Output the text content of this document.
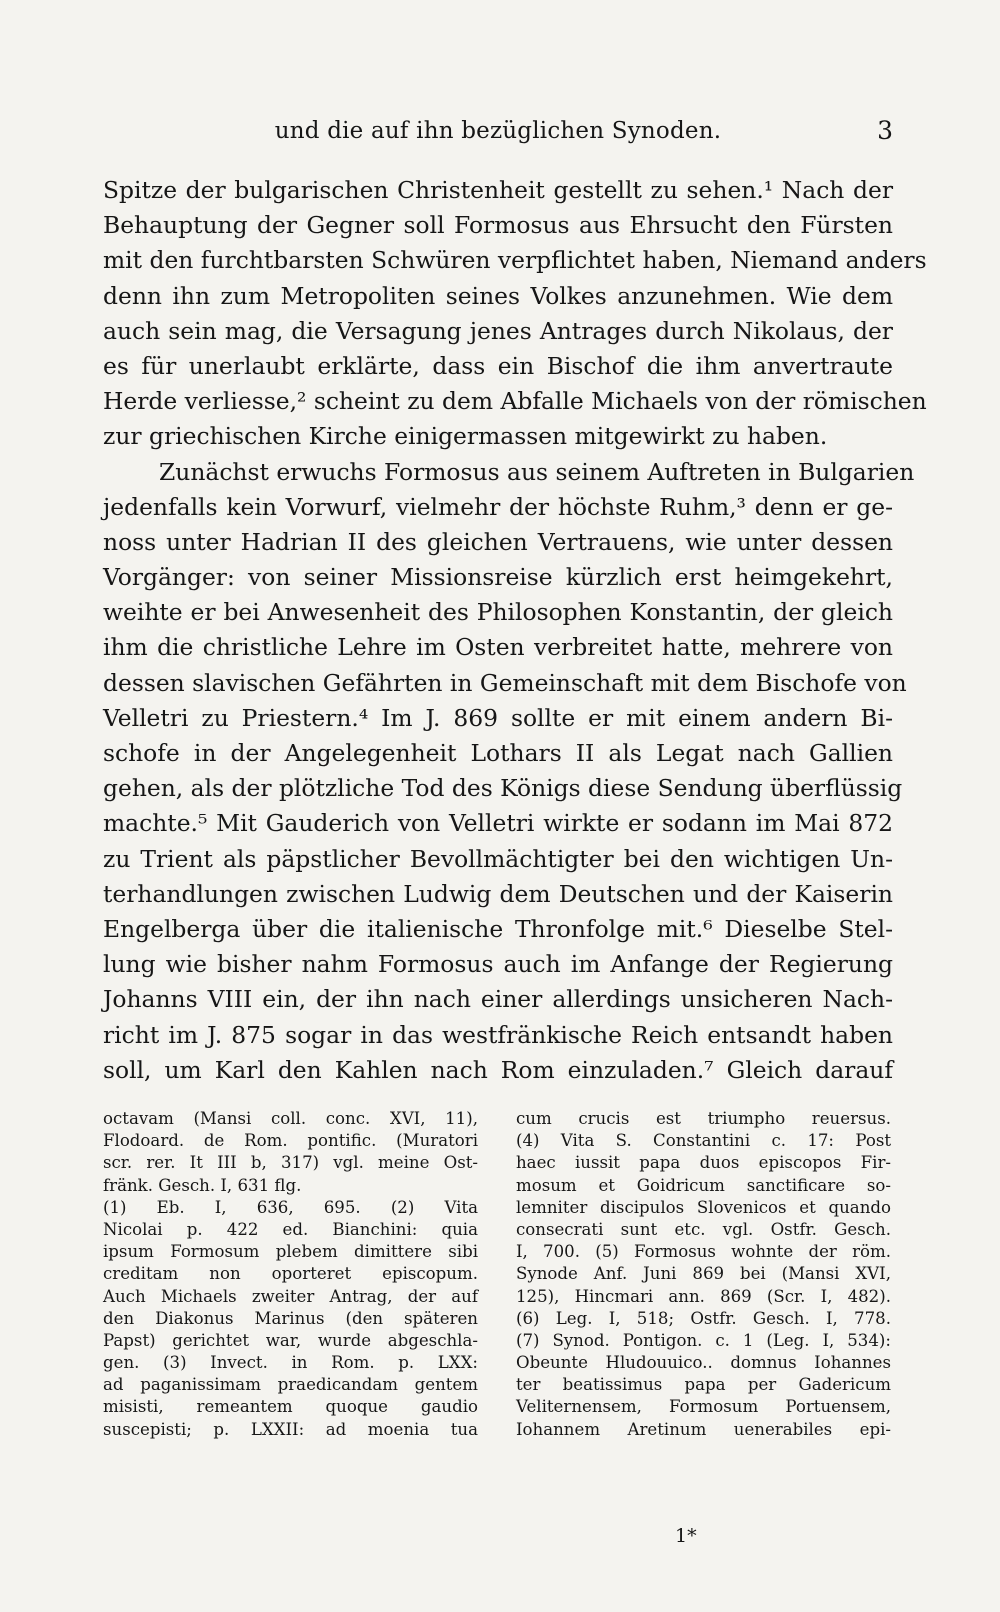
und die auf ihn bezüglichen Synoden.	3
Spitze der bulgarischen Christenheit gestellt zu sehen.¹ Nach der
Behauptung der Gegner soll Formosus aus Ehrsucht den Fürsten
mit den furchtbarsten Schwüren verpflichtet haben, Niemand anders
denn ihn zum Metropoliten seines Volkes anzunehmen. Wie dem
auch sein mag, die Versagung jenes Antrages durch Nikolaus, der
es für unerlaubt erklärte, dass ein Bischof die ihm anvertraute
Herde verliesse,² scheint zu dem Abfalle Michaels von der römischen
zur griechischen Kirche einigermassen mitgewirkt zu haben.
Zunächst erwuchs Formosus aus seinem Auftreten in Bulgarien
jedenfalls kein Vorwurf, vielmehr der höchste Ruhm,³ denn er ge-
noss unter Hadrian II des gleichen Vertrauens, wie unter dessen
Vorgänger: von seiner Missionsreise kürzlich erst heimgekehrt,
weihte er bei Anwesenheit des Philosophen Konstantin, der gleich
ihm die christliche Lehre im Osten verbreitet hatte, mehrere von
dessen slavischen Gefährten in Gemeinschaft mit dem Bischofe von
Velletri zu Priestern.⁴ Im J. 869 sollte er mit einem andern Bi-
schofe in der Angelegenheit Lothars II als Legat nach Gallien
gehen, als der plötzliche Tod des Königs diese Sendung überflüssig
machte.⁵ Mit Gauderich von Velletri wirkte er sodann im Mai 872
zu Trient als päpstlicher Bevollmächtigter bei den wichtigen Un-
terhandlungen zwischen Ludwig dem Deutschen und der Kaiserin
Engelberga über die italienische Thronfolge mit.⁶ Dieselbe Stel-
lung wie bisher nahm Formosus auch im Anfange der Regierung
Johanns VIII ein, der ihn nach einer allerdings unsicheren Nach-
richt im J. 875 sogar in das westfränkische Reich entsandt haben
soll, um Karl den Kahlen nach Rom einzuladen.⁷ Gleich darauf
octavam (Mansi coll. conc. XVI, 11),
Flodoard. de Rom. pontific. (Muratori
scr. rer. It III b, 317) vgl. meine Ost-
fränk. Gesch. I, 631 flg.
(1) Eb. I, 636, 695. (2) Vita
Nicolai p. 422 ed. Bianchini: quia
ipsum Formosum plebem dimittere sibi
creditam non oporteret episcopum.
Auch Michaels zweiter Antrag, der auf
den Diakonus Marinus (den späteren
Papst) gerichtet war, wurde abgeschla-
gen. (3) Invect. in Rom. p. LXX:
ad paganissimam praedicandam gentem
misisti, remeantem quoque gaudio
suscepisti; p. LXXII: ad moenia tua
cum crucis est triumpho reuersus.
(4) Vita S. Constantini c. 17: Post
haec iussit papa duos episcopos Fir-
mosum et Goidricum sanctificare so-
lemniter discipulos Slovenicos et quando
consecrati sunt etc. vgl. Ostfr. Gesch.
I, 700. (5) Formosus wohnte der röm.
Synode Anf. Juni 869 bei (Mansi XVI,
125), Hincmari ann. 869 (Scr. I, 482).
(6) Leg. I, 518; Ostfr. Gesch. I, 778.
(7) Synod. Pontigon. c. 1 (Leg. I, 534):
Obeunte Hludouuico.. domnus Iohannes
ter beatissimus papa per Gadericum
Veliternensem, Formosum Portuensem,
Iohannem Aretinum uenerabiles epi-
1*
